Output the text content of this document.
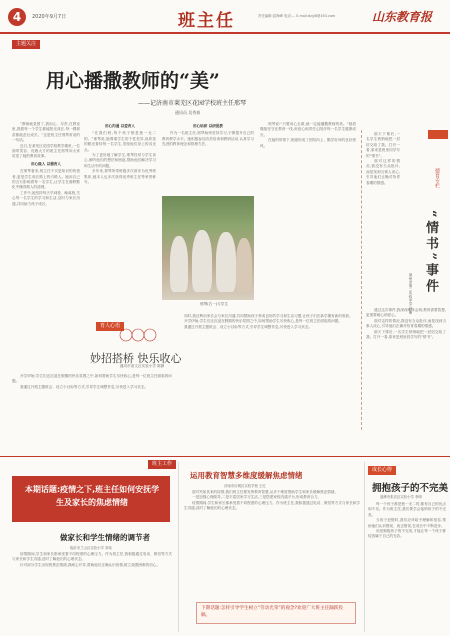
4	2020年9月7日	班主任	责任编辑:屈海峰 电话:... E-mail:dzjy8@163.com	山东教育报
主题关注
用心播撒教师的“美”
——记济南市莱芜区花园学校班主任邢琴
通讯员 吴秀春

“教师就是园丁,我用心、尽责,在教室里,我愿每一个学生都能阳光成长,每一棵树苗都能茁壮成长。”这是班主任邢琴常说的一句话。

近日,在莱芜区花园学校教学楼里,一位面带笑容、优雅大方的班主任邢琴向大家讲述了她的教育故事。

用心做人 以德育人

在邢琴看来,班主任不仅是知识的传授者,更是学生成长路上的引路人。她用自己的言行影响着每一名学生,让学生在潜移默化中懂得做人的道理。

工作中,她坚持每天早到校、晚离校,关心每一名学生的学习和生活,及时与家长沟通,共同助力孩子成长。

用心沟通 以爱育人

“在我们班,每个孩子都是独一无二的。”邢琴说,她尊重学生的个性差异,用欣赏的眼光看待每一名学生,发现他们身上的闪光点。

为了更好地了解学生,邢琴经常与学生谈心,倾听他们的想法和困惑,帮助他们解决学习和生活中的问题。

多年来,邢琴所带班级多次被评为优秀班集体,她本人也多次获得优秀班主任等荣誉称号。

用心钻研 以研促教

作为一名班主任,邢琴始终坚持学习,不断提升自己的教育教学水平。她积极参加各类培训和教研活动,认真学习先进的教育理念和管理方法。

邢琴(右一)与学生

邢琴说:“只要用心去做,就一定能播撒教师的美。”她将继续坚守在教育一线,用爱心和责任心陪伴每一名学生健康成长。

在她的带领下,班级形成了团结向上、勤学好问的良好班风。

德育专栏
“情书”事件
莱州市第二实验中学 孙丽

那天下课后,一名学生悄悄地把一封信交给了我。打开一看,原来是班里同学写的“情书”。

面对这样的情况,我没有当众批评,而是找到当事人谈心,引导他们正确对待青春期的情感。

通过这次事件,我深深地体会到,教育需要智慧,更需要耐心和爱心。

面对这样的情况,我没有当众批评,而是找到当事人谈心,引导他们正确对待青春期的情感。

那天下课后,一名学生悄悄地把一封信交给了我。打开一看,原来是班里同学写的“情书”。

育人心语
妙招搭桥 快乐收心
潍坊市奎文区实验小学 陈静

开学伊始,学生们还沉浸在假期的快乐氛围之中,如何帮助学生尽快收心,是每一位班主任面临的问题。

我通过开展主题班会、设立小目标等方式,引导学生调整作息,尽快进入学习状态。

同时,我还利用家长会与家长沟通,共同帮助孩子养成良好的学习和生活习惯,让孩子们在新学期有新的收获。

开学伊始,学生们还沉浸在假期的快乐氛围之中,如何帮助学生尽快收心,是每一位班主任面临的问题。

我通过开展主题班会、设立小目标等方式,引导学生调整作息,尽快进入学习状态。

班主工作
本期话题:疫情之下,班主任如何安抚学生及家长的焦虑情绪
做家长和学生情绪的调节者
临沂市兰山区实验小学 刘伟

疫情期间,学生和家长都承受着不同程度的心理压力。作为班主任,我积极通过电话、微信等方式与家长和学生沟通,及时了解他们的心理状态。

针对部分学生出现的焦虑情绪,我耐心开导,帮助他们正确认识疫情,树立战胜困难的信心。

运用教育智慧多维度缓解焦虑情绪
济南市历城区实验学校 王红

面对突如其来的疫情,我们班主任要发挥教育智慧,从多个维度帮助学生和家长缓解焦虑情绪。

一是加强心理疏导,二是丰富居家学习生活,三是搭建家校沟通平台,形成教育合力。

疫情期间,学生和家长都承受着不同程度的心理压力。作为班主任,我积极通过电话、微信等方式与家长和学生沟通,及时了解他们的心理状态。

下期话题:怎样引导学生树立“劳动光荣”的观念?欢迎广大班主任踊跃投稿。
成长心得
拥抱孩子的不完美
淄博市张店区实验小学 李明

每一个孩子都是独一无二的,都有自己的优点和不足。作为班主任,我们要学会接纳孩子的不完美。

当孩子犯错时,我们应该给予理解和宽容,帮助他们认识错误、改正错误,在成长中不断进步。

用爱拥抱孩子的不完美,才能让每一个孩子都绽放属于自己的光彩。
